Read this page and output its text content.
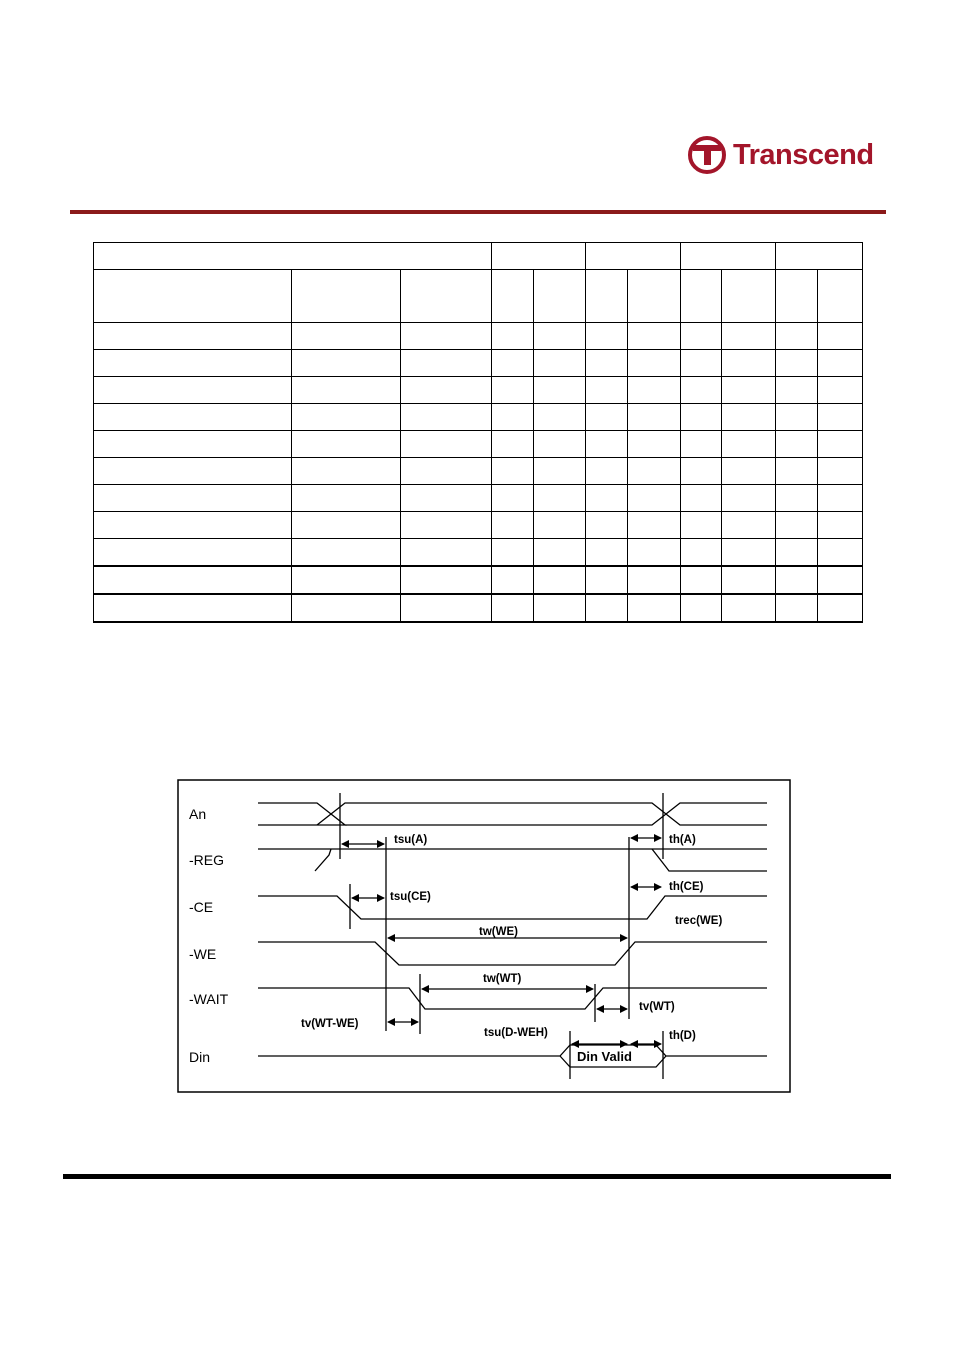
Transcend

An
-REG
-CE
-WE
-WAIT
Din
tsu(A)	th(A)
tsu(CE)
th(CE)
trec(WE)
tw(WE)
tw(WT)
tv(WT-WE)
tv(WT)
tsu(D-WEH)	th(D)
Din Valid
